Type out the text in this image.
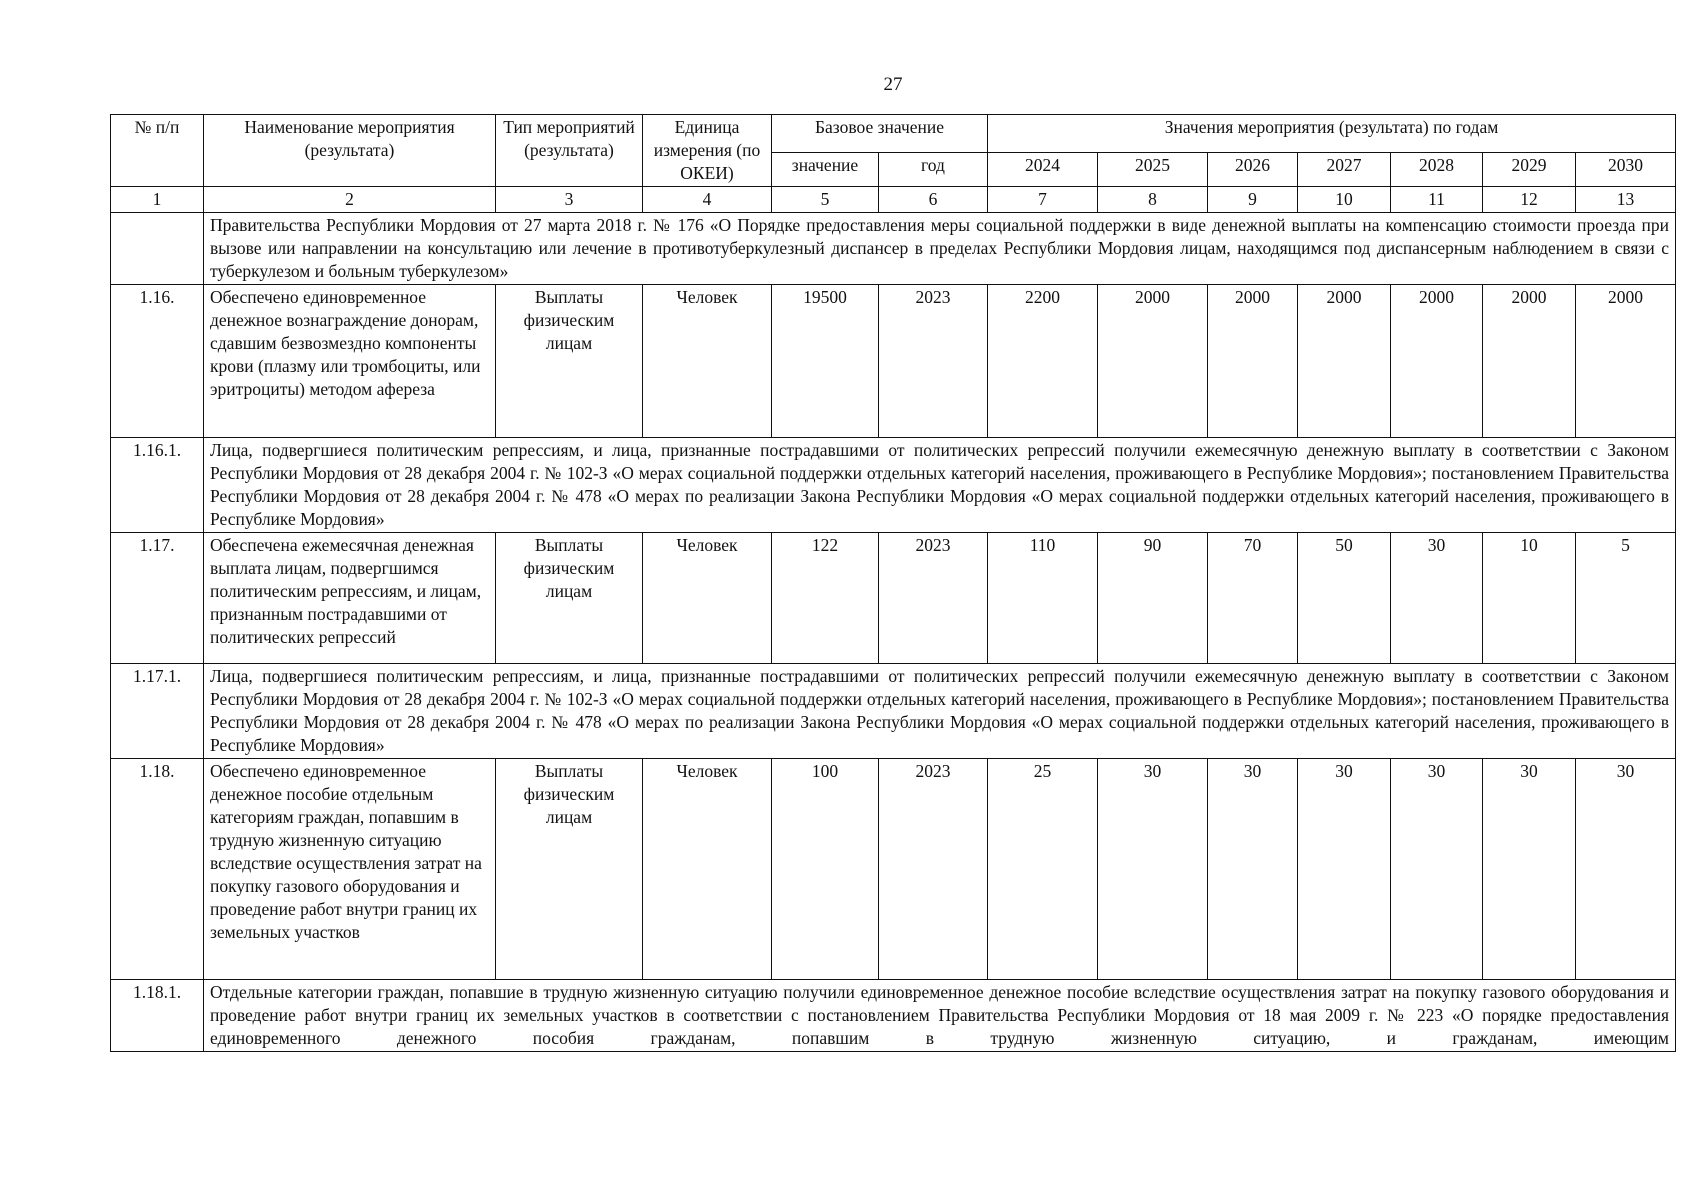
27
№ п/п	Наименование мероприятия (результата)	Тип мероприятий (результата)	Единица измерения (по ОКЕИ)	Базовое значение		Значения мероприятия (результата) по годам						
				значение	год	2024	2025	2026	2027	2028	2029	2030
1	2	3	4	5	6	7	8	9	10	11	12	13
	Правительства Республики Мордовия от 27 марта 2018 г. № 176 «О Порядке предоставления меры социальной поддержки в виде денежной выплаты на компенсацию стоимости проезда при вызове или направлении на консультацию или лечение в противотуберкулезный диспансер в пределах Республики Мордовия лицам, находящимся под диспансерным наблюдением в связи с туберкулезом и больным туберкулезом»											
1.16.	Обеспечено единовременное денежное вознаграждение донорам, сдавшим безвозмездно компоненты крови (плазму или тромбоциты, или эритроциты) методом афереза	Выплаты физическим лицам	Человек	19500	2023	2200	2000	2000	2000	2000	2000	2000
1.16.1.	Лица, подвергшиеся политическим репрессиям, и лица, признанные пострадавшими от политических репрессий получили ежемесячную денежную выплату в соответствии с Законом Республики Мордовия от 28 декабря 2004 г. № 102-З «О мерах социальной поддержки отдельных категорий населения, проживающего в Республике Мордовия»; постановлением Правительства Республики Мордовия от 28 декабря 2004 г. № 478 «О мерах по реализации Закона Республики Мордовия «О мерах социальной поддержки отдельных категорий населения, проживающего в Республике Мордовия»											
1.17.	Обеспечена ежемесячная денежная выплата лицам, подвергшимся политическим репрессиям, и лицам, признанным пострадавшими от политических репрессий	Выплаты физическим лицам	Человек	122	2023	110	90	70	50	30	10	5
1.17.1.	Лица, подвергшиеся политическим репрессиям, и лица, признанные пострадавшими от политических репрессий получили ежемесячную денежную выплату в соответствии с Законом Республики Мордовия от 28 декабря 2004 г. № 102-З «О мерах социальной поддержки отдельных категорий населения, проживающего в Республике Мордовия»; постановлением Правительства Республики Мордовия от 28 декабря 2004 г. № 478 «О мерах по реализации Закона Республики Мордовия «О мерах социальной поддержки отдельных категорий населения, проживающего в Республике Мордовия»											
1.18.	Обеспечено единовременное денежное пособие отдельным категориям граждан, попавшим в трудную жизненную ситуацию вследствие осуществления затрат на покупку газового оборудования и проведение работ внутри границ их земельных участков	Выплаты физическим лицам	Человек	100	2023	25	30	30	30	30	30	30
1.18.1.	Отдельные категории граждан, попавшие в трудную жизненную ситуацию получили единовременное денежное пособие вследствие осуществления затрат на покупку газового оборудования и проведение работ внутри границ их земельных участков в соответствии с постановлением Правительства Республики Мордовия от 18 мая 2009 г. № 223 «О порядке предоставления единовременного денежного пособия гражданам, попавшим в трудную жизненную ситуацию, и гражданам, имеющим											
